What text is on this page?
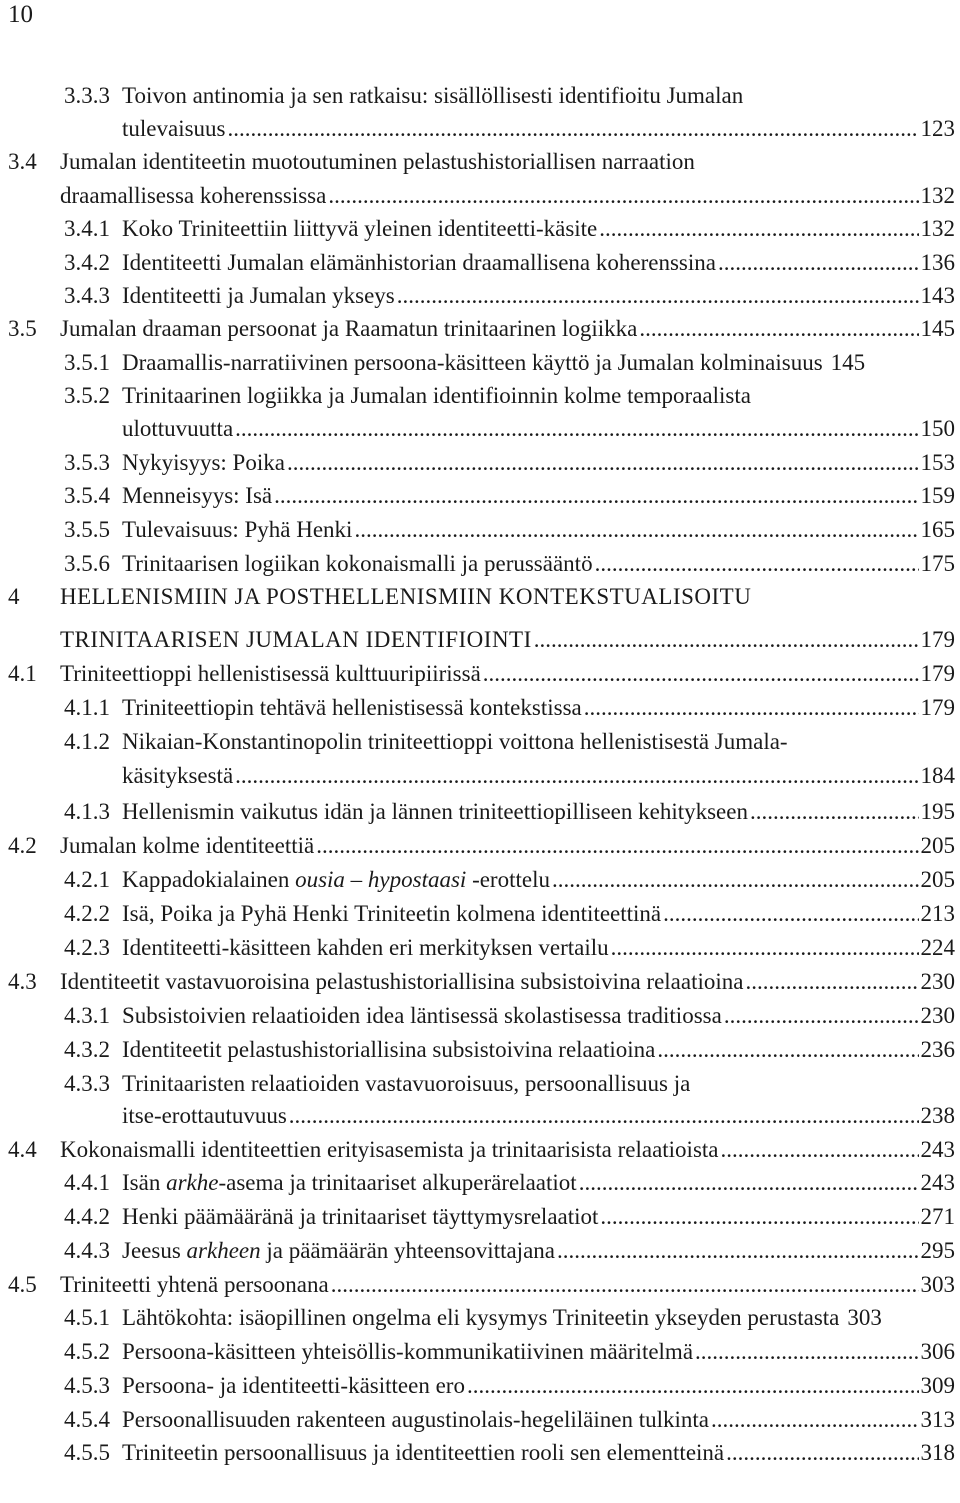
10
3.3.3 Toivon antinomia ja sen ratkaisu: sisällöllisesti identifioitu Jumalan
tulevaisuus .....	123
3.4 Jumalan identiteetin muotoutuminen pelastushistoriallisen narraation
draamallisessa koherenssissa .....	132
3.4.1 Koko Triniteettiin liittyvä yleinen identiteetti-käsite .....	132
3.4.2 Identiteetti Jumalan elämänhistorian draamallisena koherenssina .....	136
3.4.3 Identiteetti ja Jumalan ykseys .....	143
3.5 Jumalan draaman persoonat ja Raamatun trinitaarinen logiikka .....	145
3.5.1 Draamallis-narratiivinen persoona-käsitteen käyttö ja Jumalan kolminaisuus 145
3.5.2 Trinitaarinen logiikka ja Jumalan identifioinnin kolme temporaalista
ulottuvuutta .....	150
3.5.3 Nykyisyys: Poika .....	153
3.5.4 Menneisyys: Isä .....	159
3.5.5 Tulevaisuus: Pyhä Henki .....	165
3.5.6 Trinitaarisen logiikan kokonaismalli ja perussääntö .....	175
4 HELLENISMIIN JA POSTHELLENISMIIN KONTEKSTUALISOITU
TRINITAARISEN JUMALAN IDENTIFIOINTI .....	179
4.1 Triniteettioppi hellenistisessä kulttuuripiirissä .....	179
4.1.1 Triniteettiopin tehtävä hellenistisessä kontekstissa .....	179
4.1.2 Nikaian-Konstantinopolin triniteettioppi voittona hellenistisestä Jumala-
käsityksestä .....	184
4.1.3 Hellenismin vaikutus idän ja lännen triniteettiopilliseen kehitykseen .....	195
4.2 Jumalan kolme identiteettiä .....	205
4.2.1 Kappadokialainen ousia – hypostaasi -erottelu .....	205
4.2.2 Isä, Poika ja Pyhä Henki Triniteetin kolmena identiteettinä .....	213
4.2.3 Identiteetti-käsitteen kahden eri merkityksen vertailu .....	224
4.3 Identiteetit vastavuoroisina pelastushistoriallisina subsistoivina relaatioina .....	230
4.3.1 Subsistoivien relaatioiden idea läntisessä skolastisessa traditiossa .....	230
4.3.2 Identiteetit pelastushistoriallisina subsistoivina relaatioina .....	236
4.3.3 Trinitaaristen relaatioiden vastavuoroisuus, persoonallisuus ja
itse-erottautuvuus .....	238
4.4 Kokonaismalli identiteettien erityisasemista ja trinitaarisista relaatioista .....	243
4.4.1 Isän arkhe-asema ja trinitaariset alkuperärelaatiot .....	243
4.4.2 Henki päämääränä ja trinitaariset täyttymysrelaatiot .....	271
4.4.3 Jeesus arkheen ja päämäärän yhteensovittajana .....	295
4.5 Triniteetti yhtenä persoonana .....	303
4.5.1 Lähtökohta: isäopillinen ongelma eli kysymys Triniteetin ykseyden perustasta 303
4.5.2 Persoona-käsitteen yhteisöllis-kommunikatiivinen määritelmä .....	306
4.5.3 Persoona- ja identiteetti-käsitteen ero .....	309
4.5.4 Persoonallisuuden rakenteen augustinolais-hegeliläinen tulkinta .....	313
4.5.5 Triniteetin persoonallisuus ja identiteettien rooli sen elementteinä .....	318
